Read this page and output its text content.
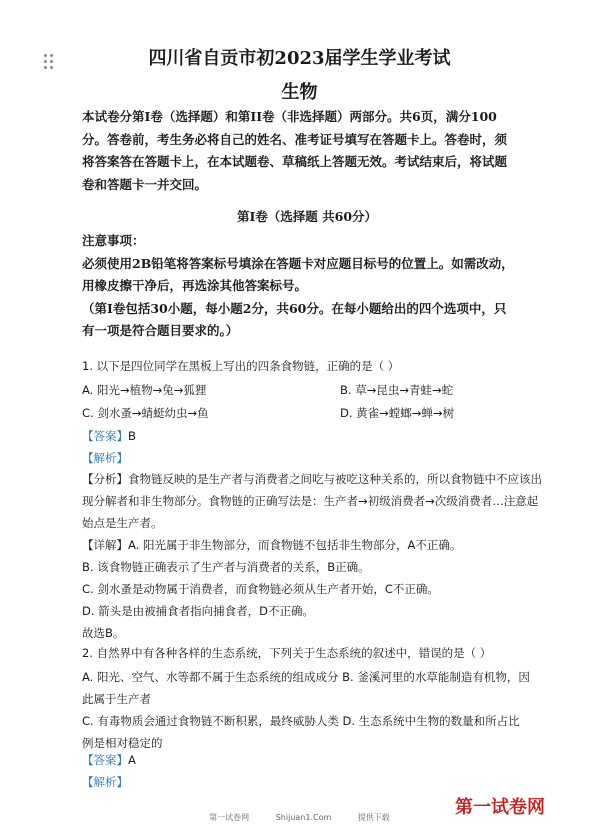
四川省自贡市初2023届学生学业考试
生物
本试卷分第I卷（选择题）和第II卷（非选择题）两部分。共6页，满分100
分。答卷前，考生务必将自己的姓名、准考证号填写在答题卡上。答卷时，须
将答案答在答题卡上，在本试题卷、草稿纸上答题无效。考试结束后，将试题
卷和答题卡一并交回。
第I卷（选择题 共60分）
注意事项：
必须使用2B铅笔将答案标号填涂在答题卡对应题目标号的位置上。如需改动，
用橡皮擦干净后，再选涂其他答案标号。
（第I卷包括30小题，每小题2分，共60分。在每小题给出的四个选项中，只
有一项是符合题目要求的。）
1. 以下是四位同学在黑板上写出的四条食物链，正确的是（ ）
A. 阳光→植物→兔→狐狸	B. 草→昆虫→青蛙→蛇
C. 剑水蚤→蜻蜓幼虫→鱼	D. 黄雀→螳螂→蝉→树
【答案】B
【解析】
【分析】食物链反映的是生产者与消费者之间吃与被吃这种关系的，所以食物链中不应该出
现分解者和非生物部分。食物链的正确写法是：生产者→初级消费者→次级消费者…注意起
始点是生产者。
【详解】A. 阳光属于非生物部分，而食物链不包括非生物部分，A不正确。
B. 该食物链正确表示了生产者与消费者的关系，B正确。
C. 剑水蚤是动物属于消费者，而食物链必须从生产者开始，C不正确。
D. 箭头是由被捕食者指向捕食者，D不正确。
故选B。
2. 自然界中有各种各样的生态系统，下列关于生态系统的叙述中，错误的是（ ）
A. 阳光、空气、水等都不属于生态系统的组成成分 B. 釜溪河里的水草能制造有机物，因
此属于生产者
C. 有毒物质会通过食物链不断积累，最终威胁人类 D. 生态系统中生物的数量和所占比
例是相对稳定的
【答案】A
【解析】
第一试卷网	Shijuan1.Com	提供下载	第一试卷网
